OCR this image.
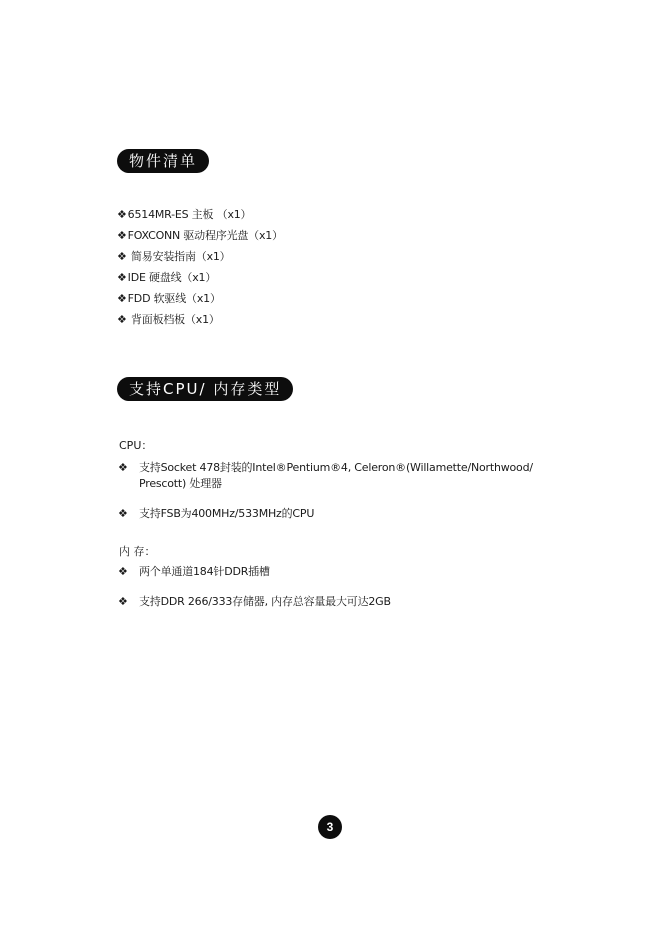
物件清单
❖6514MR-ES 主板 （x1）
❖FOXCONN 驱动程序光盘（x1）
❖ 简易安装指南（x1）
❖IDE 硬盘线（x1）
❖FDD 软驱线（x1）
❖ 背面板档板（x1）
支持CPU/ 内存类型
CPU：
❖ 支持Socket 478封装的Intel®Pentium®4, Celeron®(Willamette/Northwood/
Prescott) 处理器
❖ 支持FSB为400MHz/533MHz的CPU
内 存：
❖ 两个单通道184针DDR插槽
❖ 支持DDR 266/333存储器, 内存总容量最大可达2GB
3
